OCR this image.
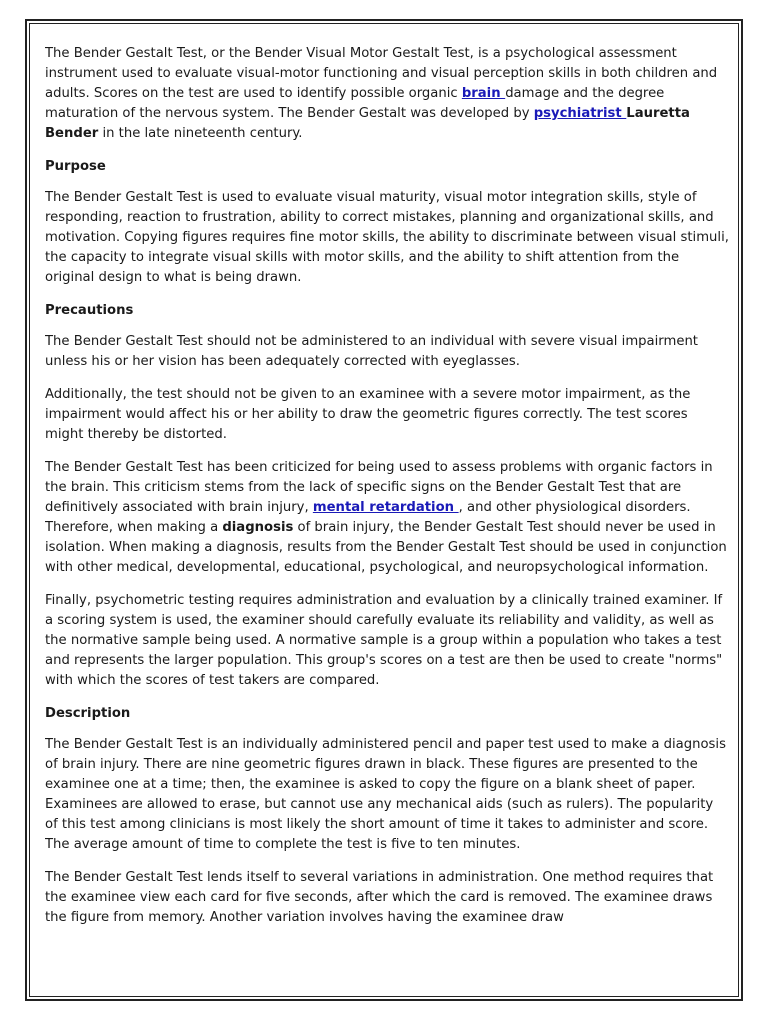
The Bender Gestalt Test, or the Bender Visual Motor Gestalt Test, is a psychological assessment instrument used to evaluate visual-motor functioning and visual perception skills in both children and adults. Scores on the test are used to identify possible organic brain damage and the degree maturation of the nervous system. The Bender Gestalt was developed by psychiatrist Lauretta Bender in the late nineteenth century.

Purpose

The Bender Gestalt Test is used to evaluate visual maturity, visual motor integration skills, style of responding, reaction to frustration, ability to correct mistakes, planning and organizational skills, and motivation. Copying figures requires fine motor skills, the ability to discriminate between visual stimuli, the capacity to integrate visual skills with motor skills, and the ability to shift attention from the original design to what is being drawn.

Precautions

The Bender Gestalt Test should not be administered to an individual with severe visual impairment unless his or her vision has been adequately corrected with eyeglasses.

Additionally, the test should not be given to an examinee with a severe motor impairment, as the impairment would affect his or her ability to draw the geometric figures correctly. The test scores might thereby be distorted.

The Bender Gestalt Test has been criticized for being used to assess problems with organic factors in the brain. This criticism stems from the lack of specific signs on the Bender Gestalt Test that are definitively associated with brain injury, mental retardation , and other physiological disorders. Therefore, when making a diagnosis of brain injury, the Bender Gestalt Test should never be used in isolation. When making a diagnosis, results from the Bender Gestalt Test should be used in conjunction with other medical, developmental, educational, psychological, and neuropsychological information.

Finally, psychometric testing requires administration and evaluation by a clinically trained examiner. If a scoring system is used, the examiner should carefully evaluate its reliability and validity, as well as the normative sample being used. A normative sample is a group within a population who takes a test and represents the larger population. This group's scores on a test are then be used to create "norms" with which the scores of test takers are compared.

Description

The Bender Gestalt Test is an individually administered pencil and paper test used to make a diagnosis of brain injury. There are nine geometric figures drawn in black. These figures are presented to the examinee one at a time; then, the examinee is asked to copy the figure on a blank sheet of paper. Examinees are allowed to erase, but cannot use any mechanical aids (such as rulers). The popularity of this test among clinicians is most likely the short amount of time it takes to administer and score. The average amount of time to complete the test is five to ten minutes.

The Bender Gestalt Test lends itself to several variations in administration. One method requires that the examinee view each card for five seconds, after which the card is removed. The examinee draws the figure from memory. Another variation involves having the examinee draw
